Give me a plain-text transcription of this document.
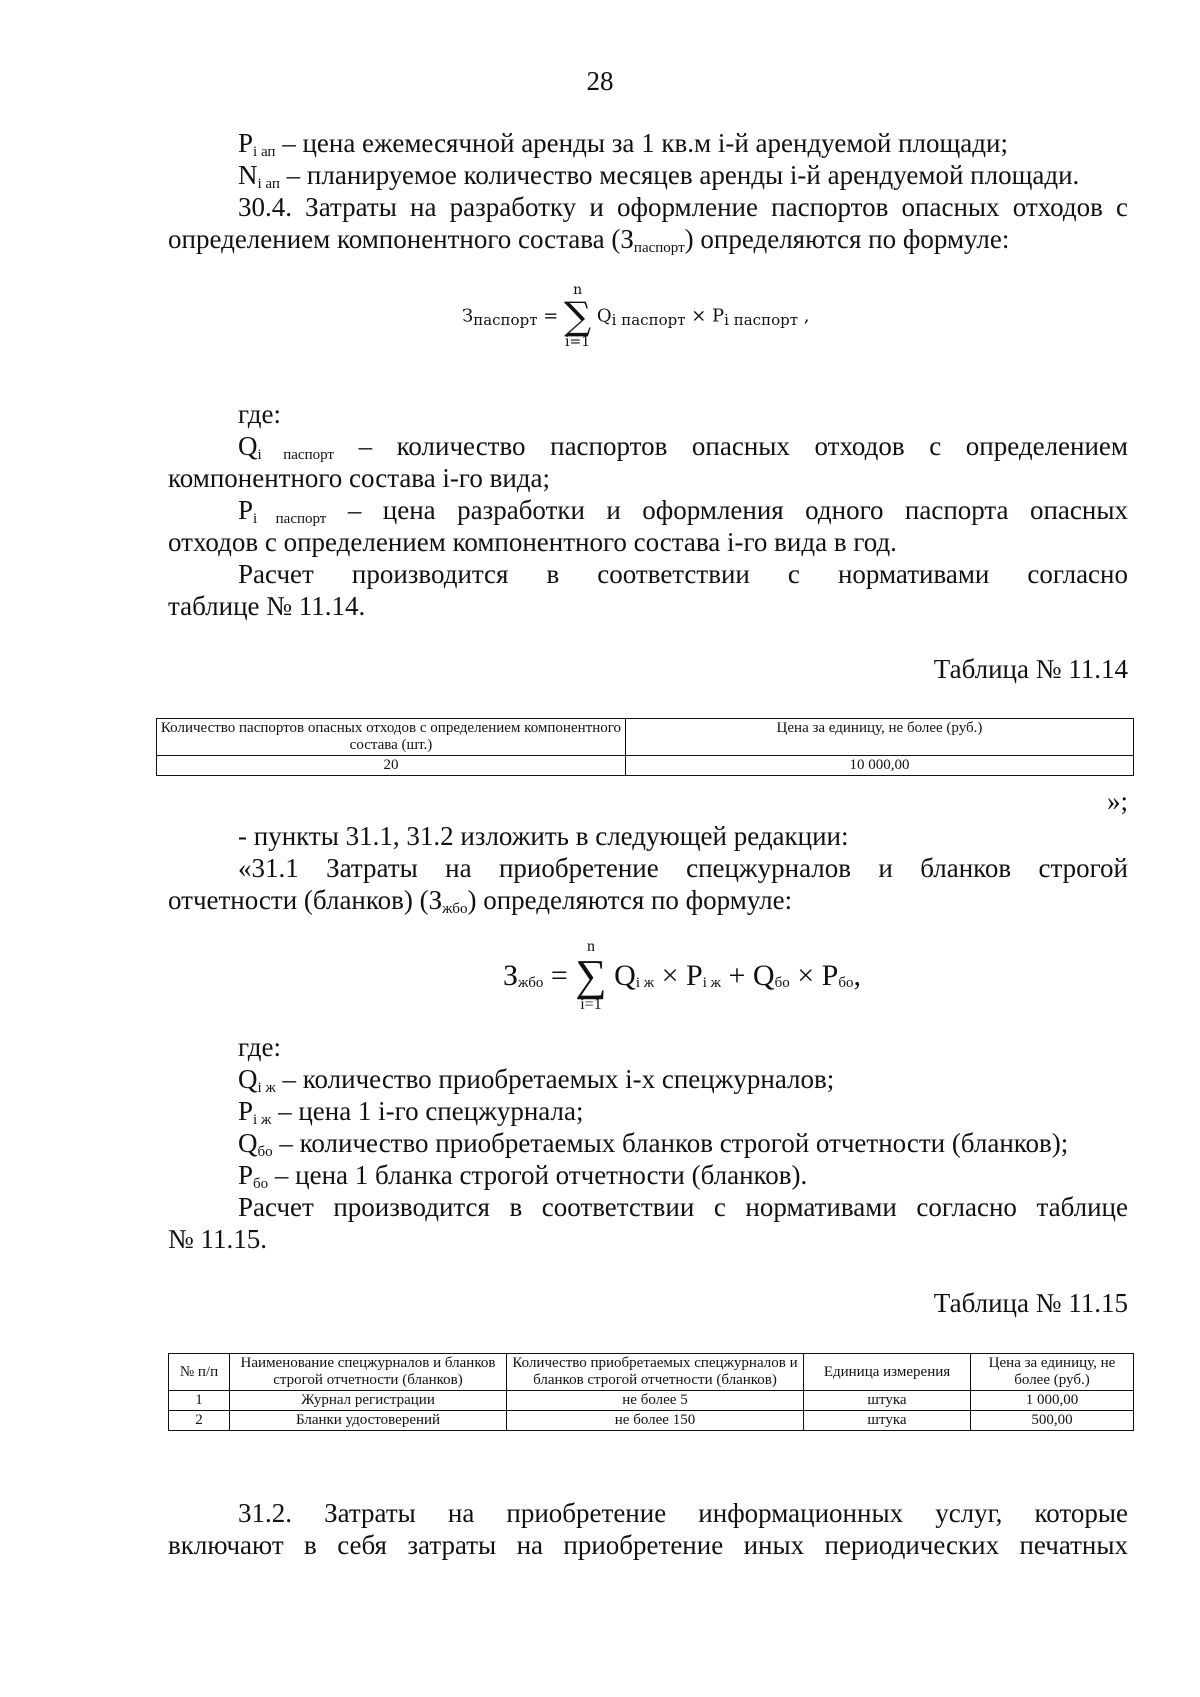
28
$P_{i ап}$ – цена ежемесячной аренды за 1 кв.м i-й арендуемой площади;
$N_{i ап}$ – планируемое количество месяцев аренды i-й арендуемой площади.
30.4. Затраты на разработку и оформление паспортов опасных отходов с
определением компонентного состава $(З_{паспорт})$ определяются по формуле:
$З_{паспорт}$ =
n
∑
i=1
$Q_{i паспорт} \times P_{i паспорт}$ ,
где:
$Q_{i паспорт}$ – количество паспортов опасных отходов с определением
компонентного состава i-го вида;
$P_{i паспорт}$ – цена разработки и оформления одного паспорта опасных
отходов с определением компонентного состава i-го вида в год.
Расчет производится в соответствии с нормативами согласно
таблице № 11.14.
Таблица № 11.14
Количество паспортов опасных отходов с определением компонентного состава (шт.)	Цена за единицу, не более (руб.)
20	10 000,00
»;
- пункты 31.1, 31.2 изложить в следующей редакции:
«31.1 Затраты на приобретение спецжурналов и бланков строгой
отчетности (бланков) $(З_{жбо})$ определяются по формуле:
$З_{жбо}$ =
n
∑
i=1
$Q_{i ж} \times P_{i ж} + Q_{бо} \times P_{бо}$,
где:
$Q_{i ж}$ – количество приобретаемых i-х спецжурналов;
$P_{i ж}$ – цена 1 i-го спецжурнала;
$Q_{бо}$ – количество приобретаемых бланков строгой отчетности (бланков);
$P_{бо}$ – цена 1 бланка строгой отчетности (бланков).
Расчет производится в соответствии с нормативами согласно таблице
№ 11.15.
Таблица № 11.15
№ п/п	Наименование спецжурналов и бланков строгой отчетности (бланков)	Количество приобретаемых спецжурналов и бланков строгой отчетности (бланков)	Единица измерения	Цена за единицу, не более (руб.)
1	Журнал регистрации	не более 5	штука	1 000,00
2	Бланки удостоверений	не более 150	штука	500,00
31.2. Затраты на приобретение информационных услуг, которые
включают в себя затраты на приобретение иных периодических печатных
